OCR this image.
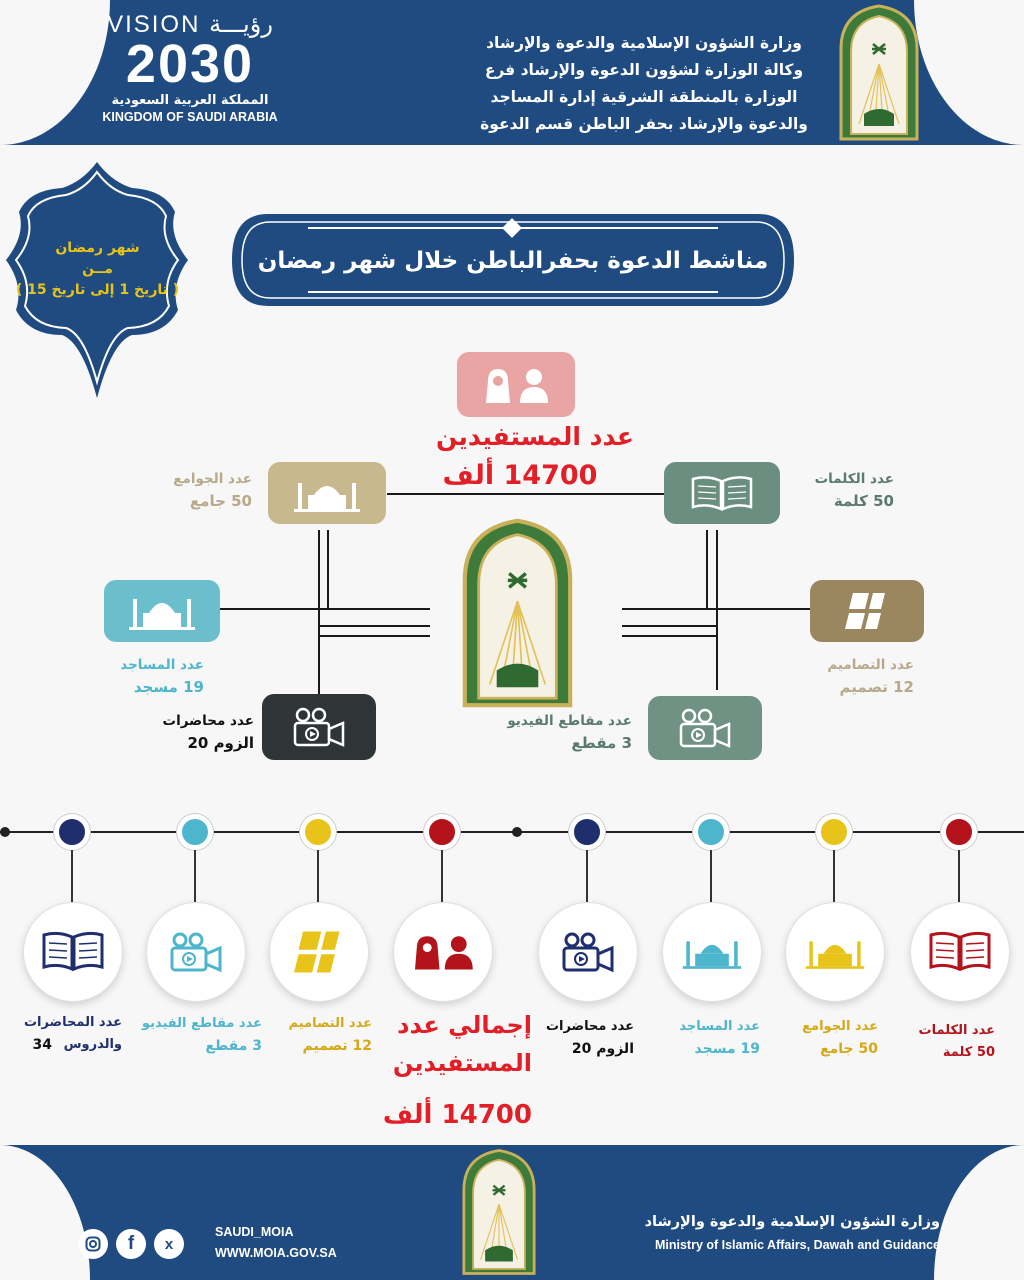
VISION رؤيـــة
2030
المملكة العربية السعودية
KINGDOM OF SAUDI ARABIA
وزارة الشؤون الإسلامية والدعوة والإرشاد
وكالة الوزارة لشؤون الدعوة والإرشاد فرع
الوزارة بالمنطقة الشرقية إدارة المساجد
والدعوة والإرشاد بحفر الباطن قسم الدعوة
شهر رمضان
مــن
( تاريخ 1 إلى تاريخ 15 )
مناشط الدعوة بحفرالباطن خلال شهر رمضان
عدد المستفيدين
14700 ألف
عدد الجوامع
50 جامع
عدد الكلمات
50 كلمة
عدد المساجد
19 مسجد
عدد التصاميم
12 تصميم
عدد محاضرات
الزوم 20
عدد مقاطع الفيديو
3 مقطع
f	x
SAUDI_MOIA
WWW.MOIA.GOV.SA
وزارة الشؤون الإسلامية والدعوة والإرشاد
Ministry of Islamic Affairs, Dawah and Guidance
عدد الكلمات
50 كلمة
عدد الجوامع
50 جامع
عدد المساجد
19 مسجد
عدد محاضرات
الزوم 20
عدد التصاميم
12 تصميم
عدد مقاطع الفيديو
3 مقطع
عدد المحاضرات
والدروس
إجمالي عدد
المستفيدين
14700 ألف
34
